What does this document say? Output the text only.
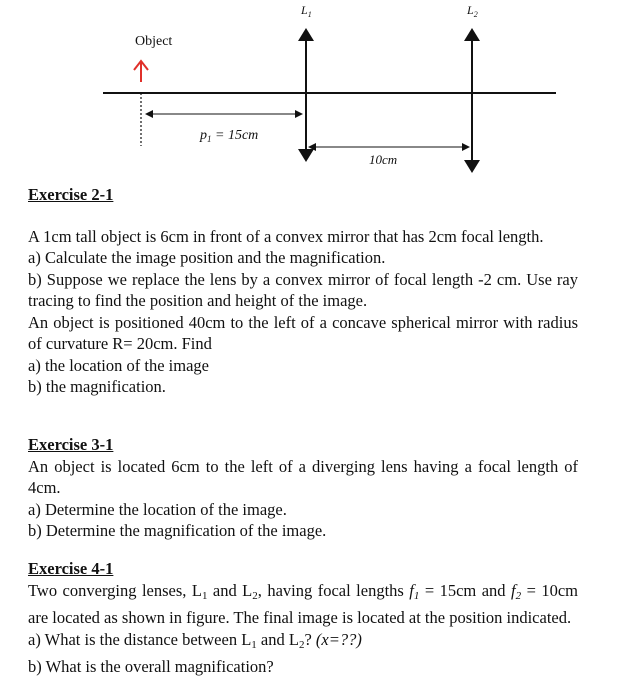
$L_1$	$L_2$
Object
$p_1 = 15cm$
10cm
Exercise 2-1
A 1cm tall object is 6cm in front of a convex mirror that has 2cm focal length.
a) Calculate the image position and the magnification.
b) Suppose we replace the lens by a convex mirror of focal length -2 cm. Use ray tracing to find the position and height of the image.
An object is positioned 40cm to the left of a concave spherical mirror with radius of curvature R= 20cm. Find
a) the location of the image
b) the magnification.
Exercise 3-1
An object is located 6cm to the left of a diverging lens having a focal length of 4cm.
a) Determine the location of the image.
b) Determine the magnification of the image.
Exercise 4-1
Two converging lenses, $L_1$ and $L_2$, having focal lengths $f_1 = 15cm$ and $f_2 = 10cm$ are located as shown in figure. The final image is located at the position indicated.
a) What is the distance between $L_1$ and $L_2$? (x=??)
b) What is the overall magnification?
